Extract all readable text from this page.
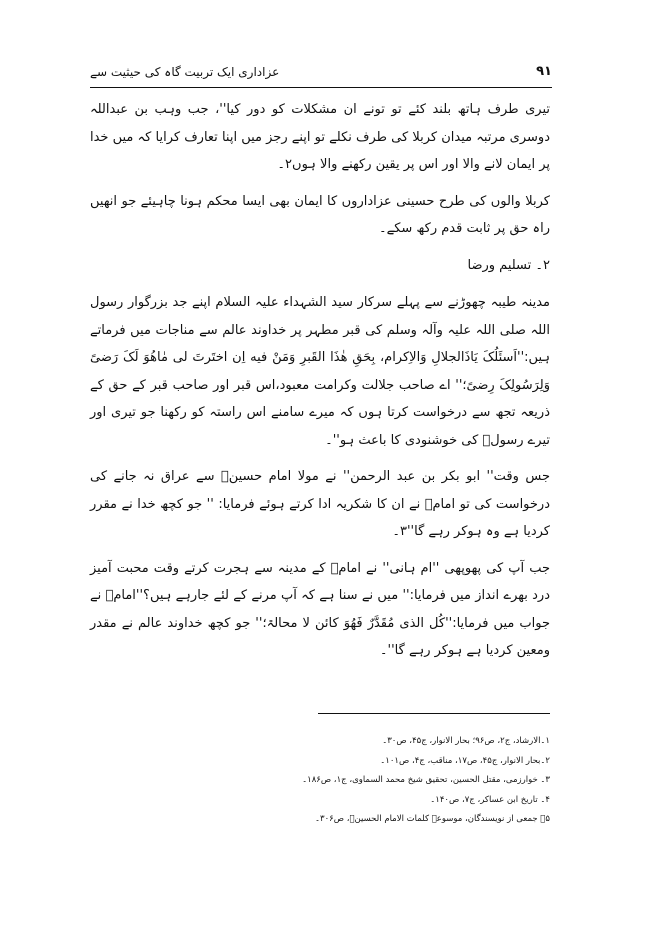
۹۱
عزاداری ایک تربیت گاہ کی حیثیت سے

تیری طرف ہاتھ بلند کئے تو تونے ان مشکلات کو دور کیا''، جب وہب بن عبداللہ دوسری مرتبہ میدان کربلا کی طرف نکلے تو اپنے رجز میں اپنا تعارف کرایا کہ میں خدا پر ایمان لانے والا اور اس پر یقین رکھنے والا ہوں۲۔

کربلا والوں کی طرح حسینی عزاداروں کا ایمان بھی ایسا محکم ہونا چاہیئے جو انھیں راہ حق پر ثابت قدم رکھ سکے۔

۲۔ تسلیم ورضا

مدینہ طیبہ چھوڑنے سے پہلے سرکار سید الشہداء علیہ السلام اپنے جد بزرگوار رسول اللہ صلی اللہ علیہ وآلہ وسلم کی قبر مطہر پر خداوند عالم سے مناجات میں فرماتے ہیں:''اَسئَلُکَ یَاذَالجلالِ وَالاِکرام، بِحَقِ ھٰذَا القَبرِ وَمَنْ فیه اِن اختَرتَ لی مٰاھُوَ لَکَ رَضیً وَلِرَسُولِکَ رِضیً؛'' اے صاحب جلالت وکرامت معبود،اس قبر اور صاحب قبر کے حق کے ذریعہ تجھ سے درخواست کرتا ہوں کہ میرے سامنے اس راستہ کو رکھنا جو تیری اور تیرے رسولؐ کی خوشنودی کا باعث ہو''۔

جس وقت'' ابو بکر بن عبد الرحمن'' نے مولا امام حسینؑ سے عراق نہ جانے کی درخواست کی تو امامؑ نے ان کا شکریہ ادا کرتے ہوئے فرمایا: '' جو کچھ خدا نے مقرر کردیا ہے وہ ہوکر رہے گا''۳۔

جب آپ کی پھوپھی ''ام ہانی'' نے امامؑ کے مدینہ سے ہجرت کرتے وقت محبت آمیز درد بھرے انداز میں فرمایا:'' میں نے سنا ہے کہ آپ مرنے کے لئے جارہے ہیں؟''امامؑ نے جواب میں فرمایا:''کُل الذی مُقَدَّرٌ فَھُوَ کائن لا محالۃ؛'' جو کچھ خداوند عالم نے مقدر ومعین کردیا ہے ہوکر رہے گا''۔

۱۔الارشاد، ج۲، ص۹۶؛ بحار الانوار، ج۴۵، ص۳۰۔
۲۔بحار الانوار، ج۴۵، ص۱۷، مناقب، ج۴، ص۱۰۱۔
۳۔ خوارزمی، مقتل الحسین، تحقیق شیخ محمد السماوی، ج۱، ص۱۸۶۔
۴۔ تاریخ ابن عساکر، ج۷، ص۱۴۰۔
۵۔ جمعی از نویسندگان، موسوعۃ کلمات الامام الحسینؑ، ص۳۰۶۔
